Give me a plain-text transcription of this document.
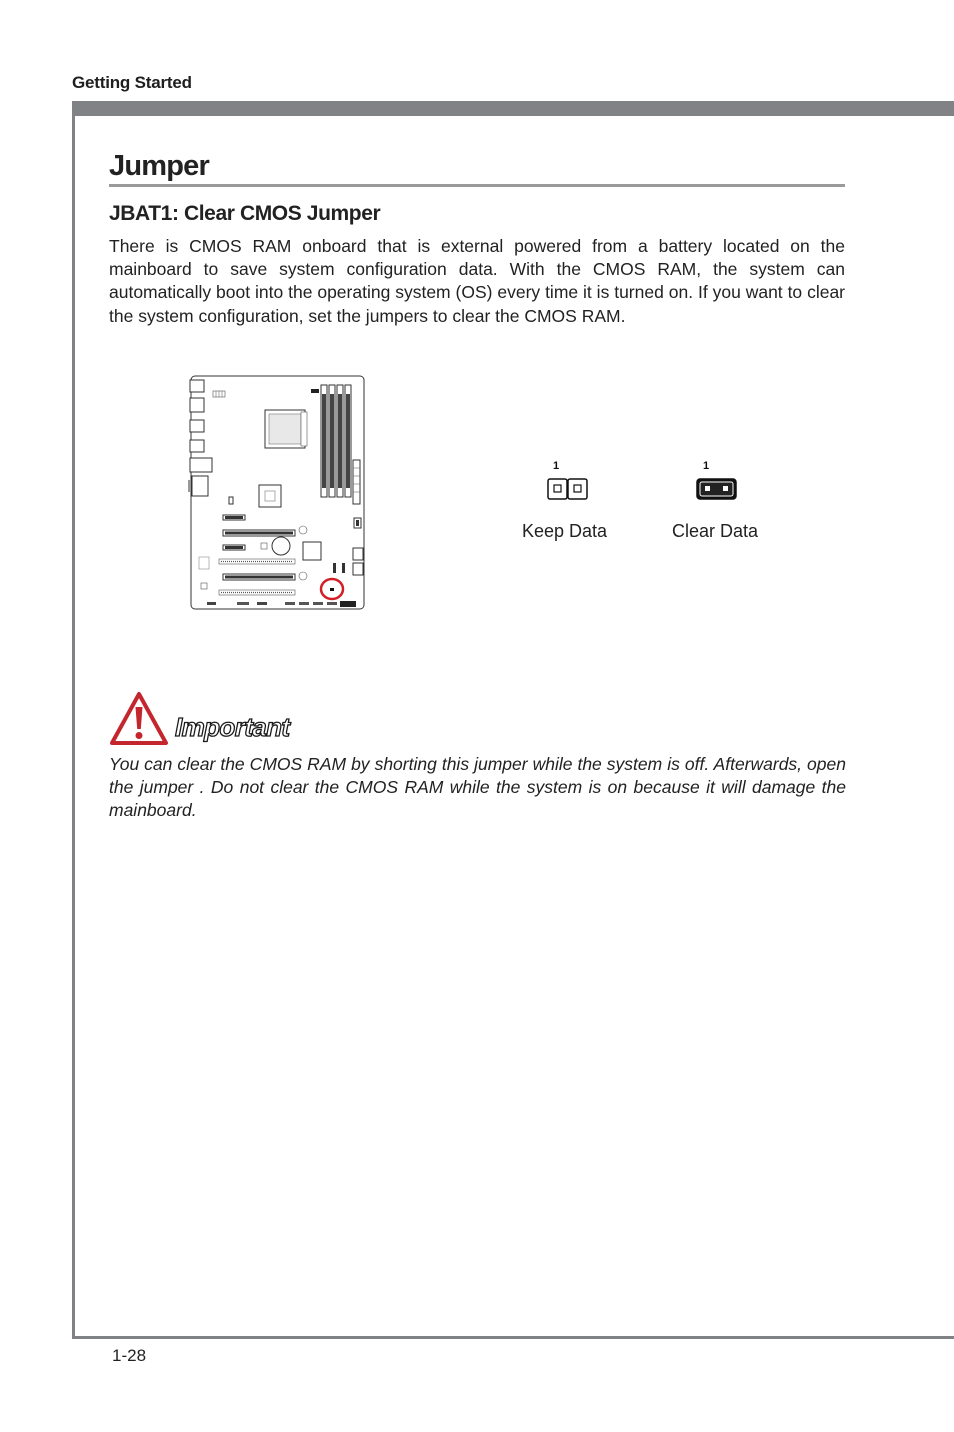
Getting Started
Jumper
JBAT1: Clear CMOS Jumper
There is CMOS RAM onboard that is external powered from a battery located on the mainboard to save system configuration data. With the CMOS RAM, the system can automatically boot into the operating system (OS) every time it is turned on. If you want to clear the system configuration, set the jumpers to clear the CMOS RAM.
1
Keep Data
1
Clear Data
Important
You can clear the CMOS RAM by shorting this jumper while the system is off. Afterwards, open the jumper . Do not clear the CMOS RAM while the system is on because it will damage the mainboard.
1-28
